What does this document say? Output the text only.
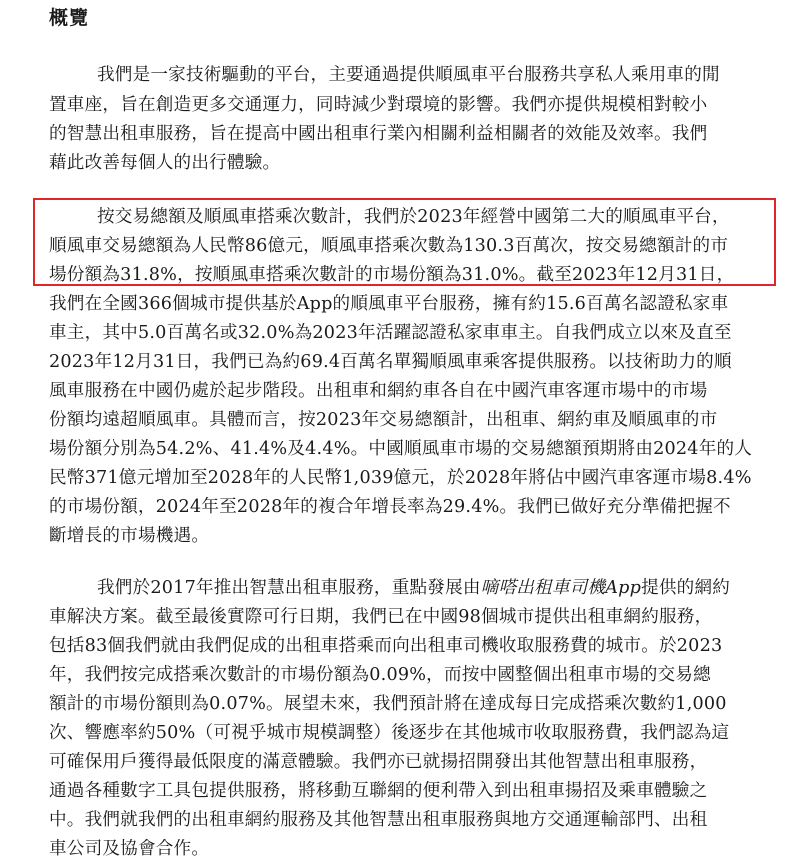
概覽
我們是一家技術驅動的平台，主要通過提供順風車平台服務共享私人乘用車的閒
置車座，旨在創造更多交通運力，同時減少對環境的影響。我們亦提供規模相對較小
的智慧出租車服務，旨在提高中國出租車行業內相關利益相關者的效能及效率。我們
藉此改善每個人的出行體驗。
按交易總額及順風車搭乘次數計，我們於2023年經營中國第二大的順風車平台，
順風車交易總額為人民幣86億元，順風車搭乘次數為130.3百萬次，按交易總額計的市
場份額為31.8%，按順風車搭乘次數計的市場份額為31.0%。截至2023年12月31日，
我們在全國366個城市提供基於App的順風車平台服務，擁有約15.6百萬名認證私家車
車主，其中5.0百萬名或32.0%為2023年活躍認證私家車車主。自我們成立以來及直至
2023年12月31日，我們已為約69.4百萬名單獨順風車乘客提供服務。以技術助力的順
風車服務在中國仍處於起步階段。出租車和網約車各自在中國汽車客運市場中的市場
份額均遠超順風車。具體而言，按2023年交易總額計，出租車、網約車及順風車的市
場份額分別為54.2%、41.4%及4.4%。中國順風車市場的交易總額預期將由2024年的人
民幣371億元增加至2028年的人民幣1,039億元，於2028年將佔中國汽車客運市場8.4%
的市場份額，2024年至2028年的複合年增長率為29.4%。我們已做好充分準備把握不
斷增長的市場機遇。
我們於2017年推出智慧出租車服務，重點發展由嘀嗒出租車司機App提供的網約
車解決方案。截至最後實際可行日期，我們已在中國98個城市提供出租車網約服務，
包括83個我們就由我們促成的出租車搭乘而向出租車司機收取服務費的城市。於2023
年，我們按完成搭乘次數計的市場份額為0.09%，而按中國整個出租車市場的交易總
額計的市場份額則為0.07%。展望未來，我們預計將在達成每日完成搭乘次數約1,000
次、響應率約50%（可視乎城市規模調整）後逐步在其他城市收取服務費，我們認為這
可確保用戶獲得最低限度的滿意體驗。我們亦已就揚招開發出其他智慧出租車服務，
通過各種數字工具包提供服務，將移動互聯網的便利帶入到出租車揚招及乘車體驗之
中。我們就我們的出租車網約服務及其他智慧出租車服務與地方交通運輸部門、出租
車公司及協會合作。
